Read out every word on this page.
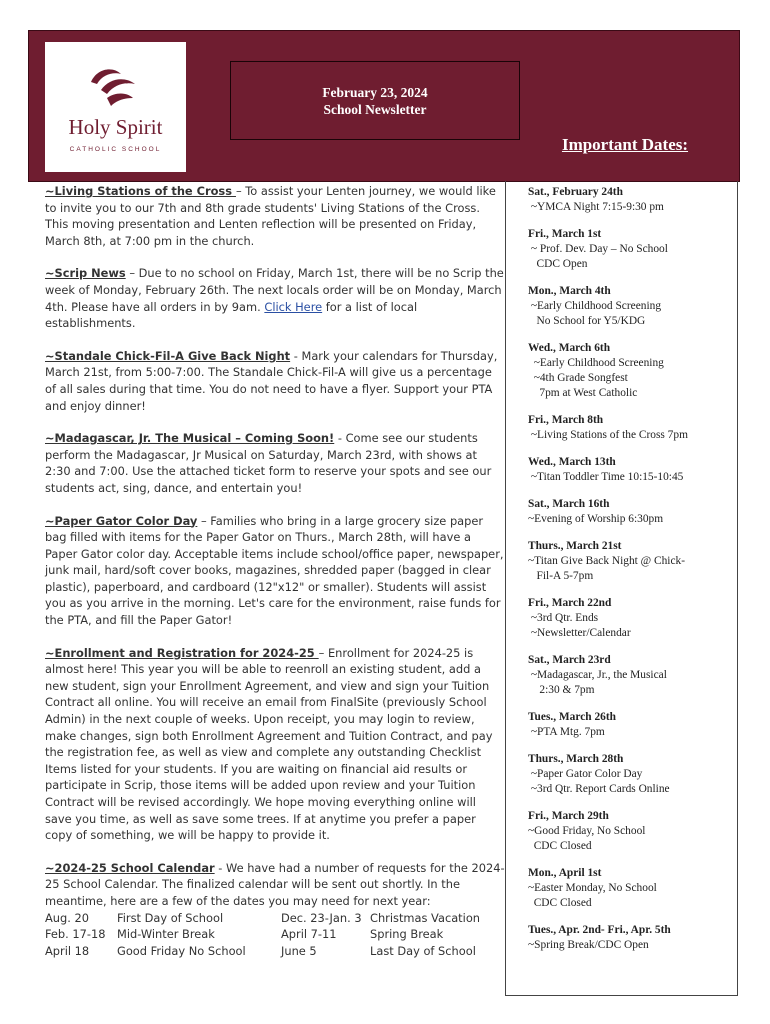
Holy Spirit
CATHOLIC SCHOOL
February 23, 2024
School Newsletter
Important Dates:
~Living Stations of the Cross – To assist your Lenten journey, we would like to invite you to our 7th and 8th grade students' Living Stations of the Cross. This moving presentation and Lenten reflection will be presented on Friday, March 8th, at 7:00 pm in the church.
~Scrip News – Due to no school on Friday, March 1st, there will be no Scrip the week of Monday, February 26th. The next locals order will be on Monday, March 4th. Please have all orders in by 9am. Click Here for a list of local establishments.
~Standale Chick-Fil-A Give Back Night - Mark your calendars for Thursday, March 21st, from 5:00-7:00. The Standale Chick-Fil-A will give us a percentage of all sales during that time. You do not need to have a flyer. Support your PTA and enjoy dinner!
~Madagascar, Jr. The Musical – Coming Soon! - Come see our students perform the Madagascar, Jr Musical on Saturday, March 23rd, with shows at 2:30 and 7:00. Use the attached ticket form to reserve your spots and see our students act, sing, dance, and entertain you!
~Paper Gator Color Day – Families who bring in a large grocery size paper bag filled with items for the Paper Gator on Thurs., March 28th, will have a Paper Gator color day. Acceptable items include school/office paper, newspaper, junk mail, hard/soft cover books, magazines, shredded paper (bagged in clear plastic), paperboard, and cardboard (12"x12" or smaller). Students will assist you as you arrive in the morning. Let's care for the environment, raise funds for the PTA, and fill the Paper Gator!
~Enrollment and Registration for 2024-25 – Enrollment for 2024-25 is almost here! This year you will be able to reenroll an existing student, add a new student, sign your Enrollment Agreement, and view and sign your Tuition Contract all online. You will receive an email from FinalSite (previously School Admin) in the next couple of weeks. Upon receipt, you may login to review, make changes, sign both Enrollment Agreement and Tuition Contract, and pay the registration fee, as well as view and complete any outstanding Checklist Items listed for your students. If you are waiting on financial aid results or participate in Scrip, those items will be added upon review and your Tuition Contract will be revised accordingly. We hope moving everything online will save you time, as well as save some trees. If at anytime you prefer a paper copy of something, we will be happy to provide it.
~2024-25 School Calendar - We have had a number of requests for the 2024-25 School Calendar. The finalized calendar will be sent out shortly. In the meantime, here are a few of the dates you may need for next year:
Aug. 20	First Day of School	Dec. 23-Jan. 3	Christmas Vacation
Feb. 17-18	Mid-Winter Break	April 7-11	Spring Break
April 18	Good Friday No School	June 5	Last Day of School
Sat., February 24th
~YMCA Night 7:15-9:30 pm
Fri., March 1st
~ Prof. Dev. Day – No School
CDC Open
Mon., March 4th
~Early Childhood Screening
No School for Y5/KDG
Wed., March 6th
~Early Childhood Screening
~4th Grade Songfest
7pm at West Catholic
Fri., March 8th
~Living Stations of the Cross 7pm
Wed., March 13th
~Titan Toddler Time 10:15-10:45
Sat., March 16th
~Evening of Worship 6:30pm
Thurs., March 21st
~Titan Give Back Night @ Chick-
Fil-A 5-7pm
Fri., March 22nd
~3rd Qtr. Ends
~Newsletter/Calendar
Sat., March 23rd
~Madagascar, Jr., the Musical
2:30 & 7pm
Tues., March 26th
~PTA Mtg. 7pm
Thurs., March 28th
~Paper Gator Color Day
~3rd Qtr. Report Cards Online
Fri., March 29th
~Good Friday, No School
CDC Closed
Mon., April 1st
~Easter Monday, No School
CDC Closed
Tues., Apr. 2nd- Fri., Apr. 5th
~Spring Break/CDC Open
